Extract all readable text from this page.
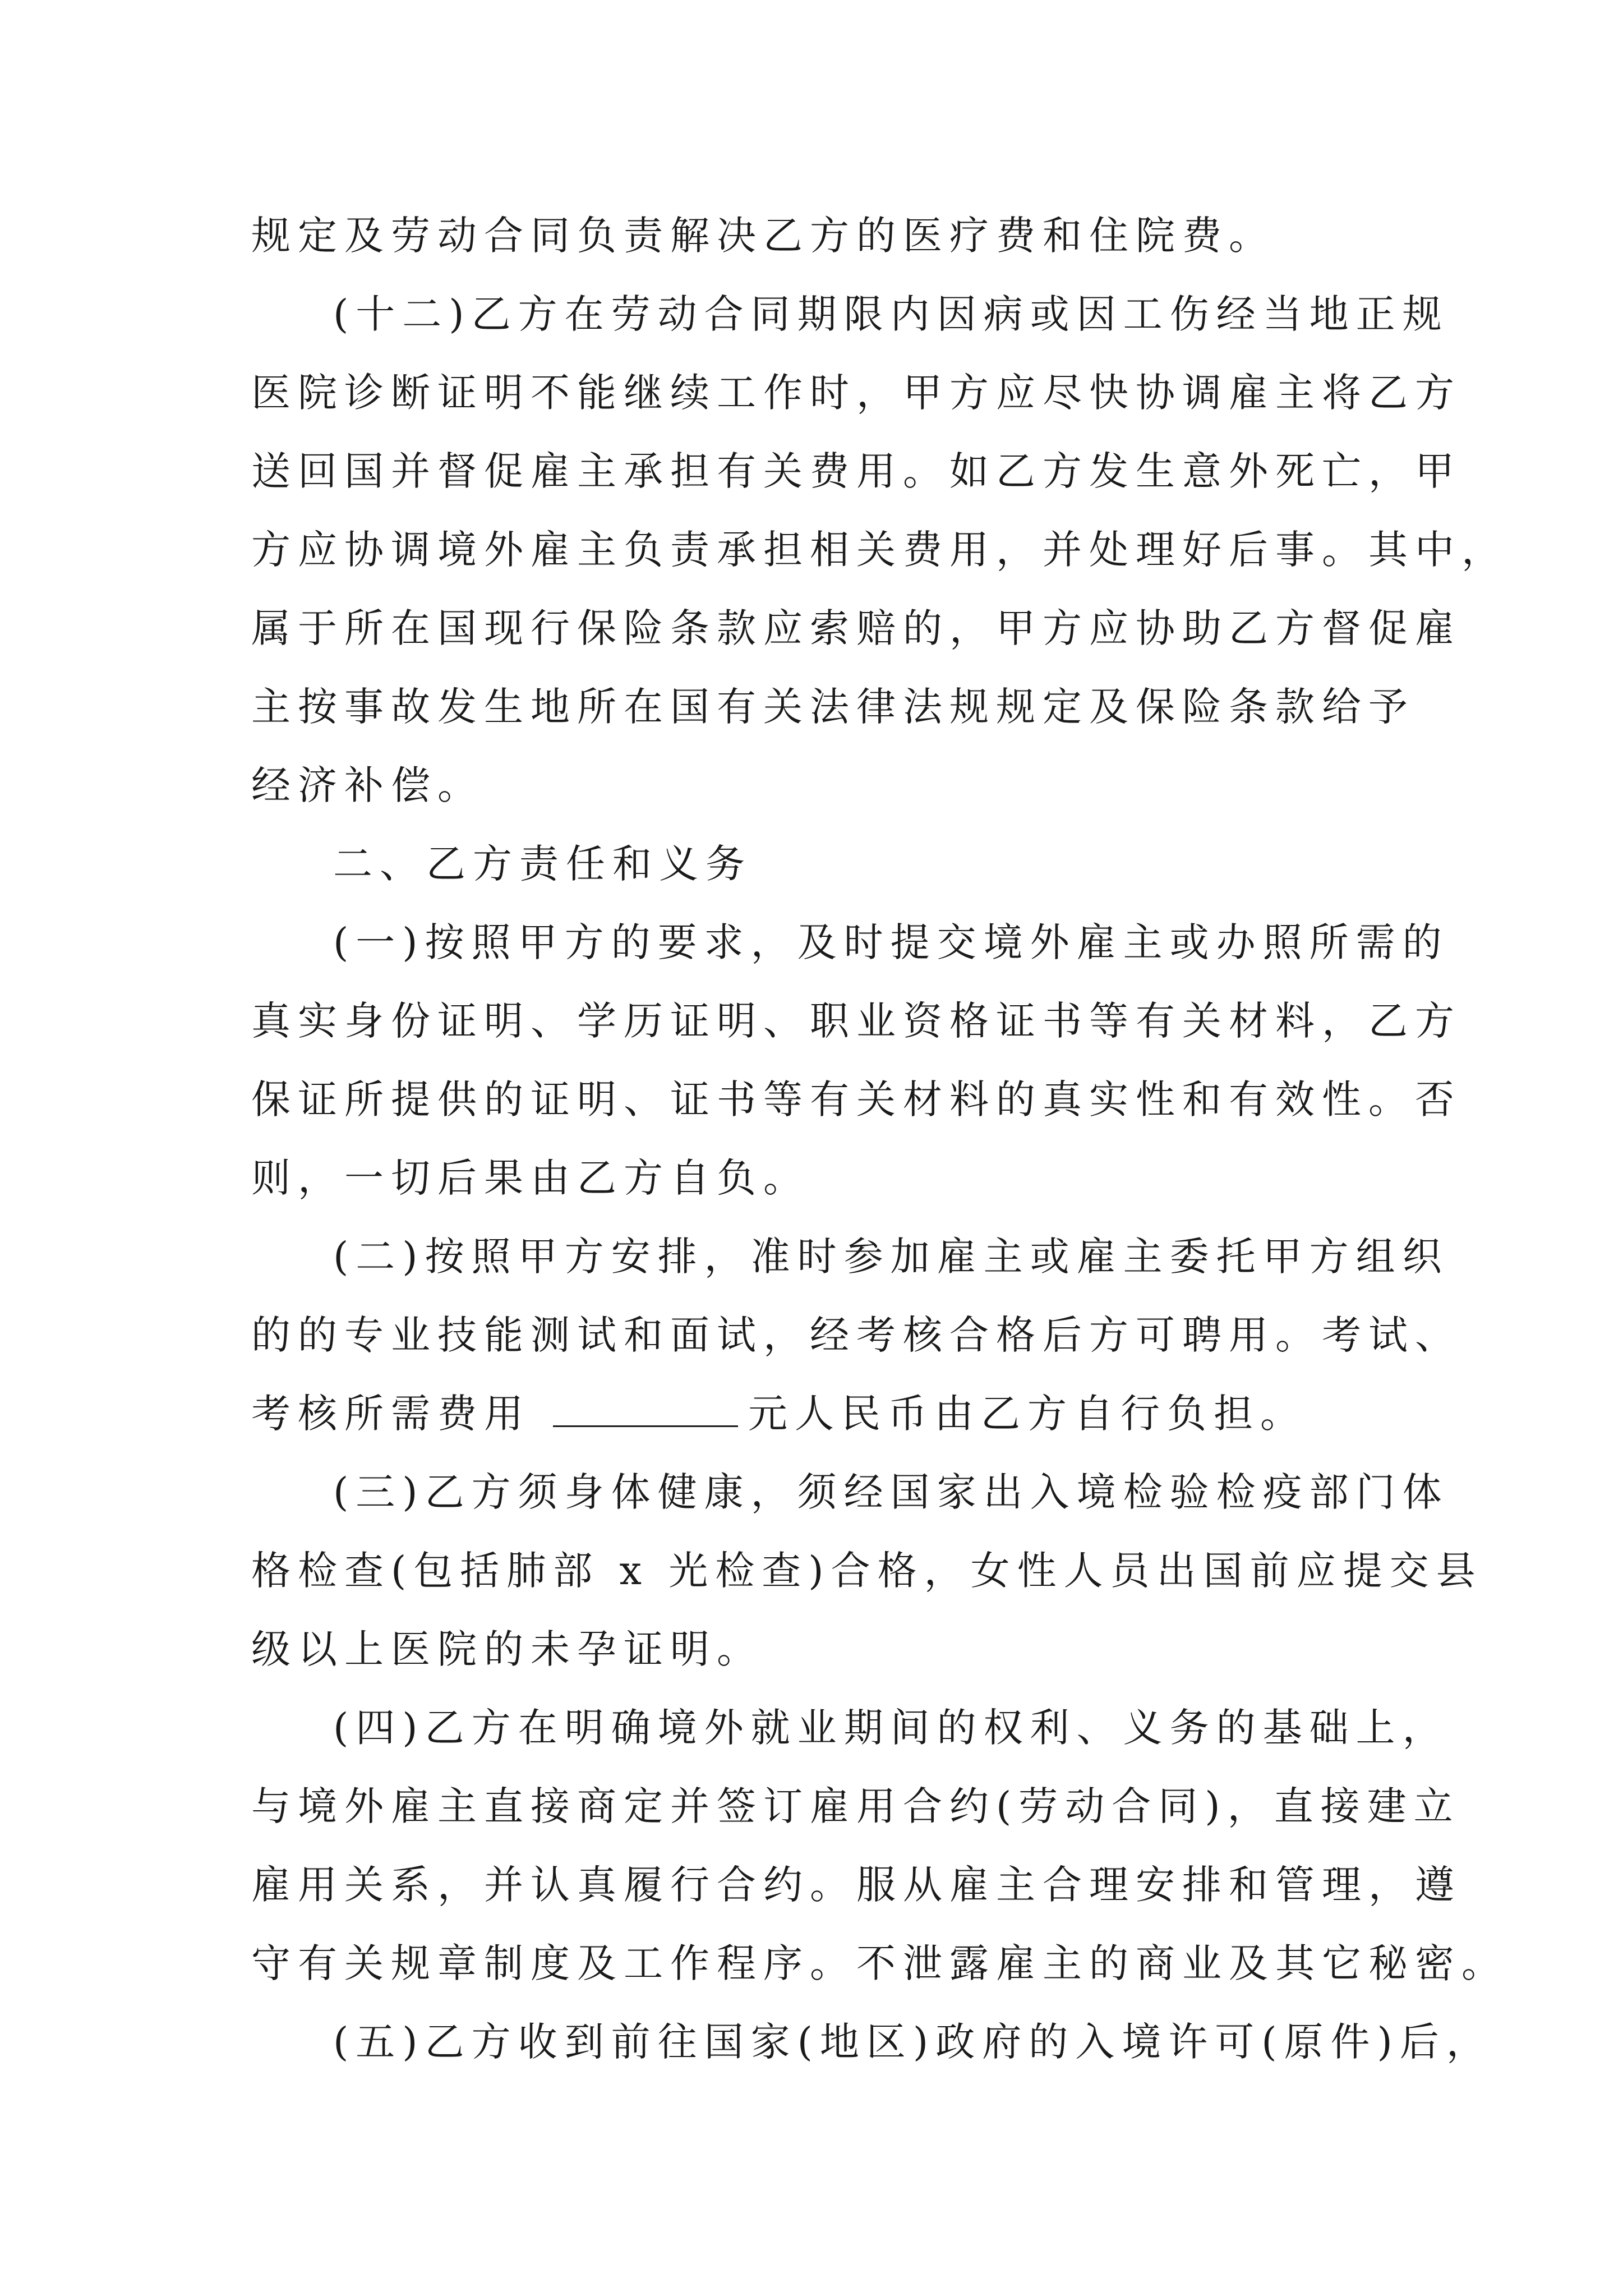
规定及劳动合同负责解决乙方的医疗费和住院费。
(十二)乙方在劳动合同期限内因病或因工伤经当地正规
医院诊断证明不能继续工作时，甲方应尽快协调雇主将乙方
送回国并督促雇主承担有关费用。如乙方发生意外死亡，甲
方应协调境外雇主负责承担相关费用，并处理好后事。其中，
属于所在国现行保险条款应索赔的，甲方应协助乙方督促雇
主按事故发生地所在国有关法律法规规定及保险条款给予
经济补偿。
二、乙方责任和义务
(一)按照甲方的要求，及时提交境外雇主或办照所需的
真实身份证明、学历证明、职业资格证书等有关材料，乙方
保证所提供的证明、证书等有关材料的真实性和有效性。否
则，一切后果由乙方自负。
(二)按照甲方安排，准时参加雇主或雇主委托甲方组织
的的专业技能测试和面试，经考核合格后方可聘用。考试、
考核所需费用	元人民币由乙方自行负担。
(三)乙方须身体健康，须经国家出入境检验检疫部门体
格检查(包括肺部 x 光检查)合格，女性人员出国前应提交县
级以上医院的未孕证明。
(四)乙方在明确境外就业期间的权利、义务的基础上，
与境外雇主直接商定并签订雇用合约(劳动合同)，直接建立
雇用关系，并认真履行合约。服从雇主合理安排和管理，遵
守有关规章制度及工作程序。不泄露雇主的商业及其它秘密。
(五)乙方收到前往国家(地区)政府的入境许可(原件)后，
